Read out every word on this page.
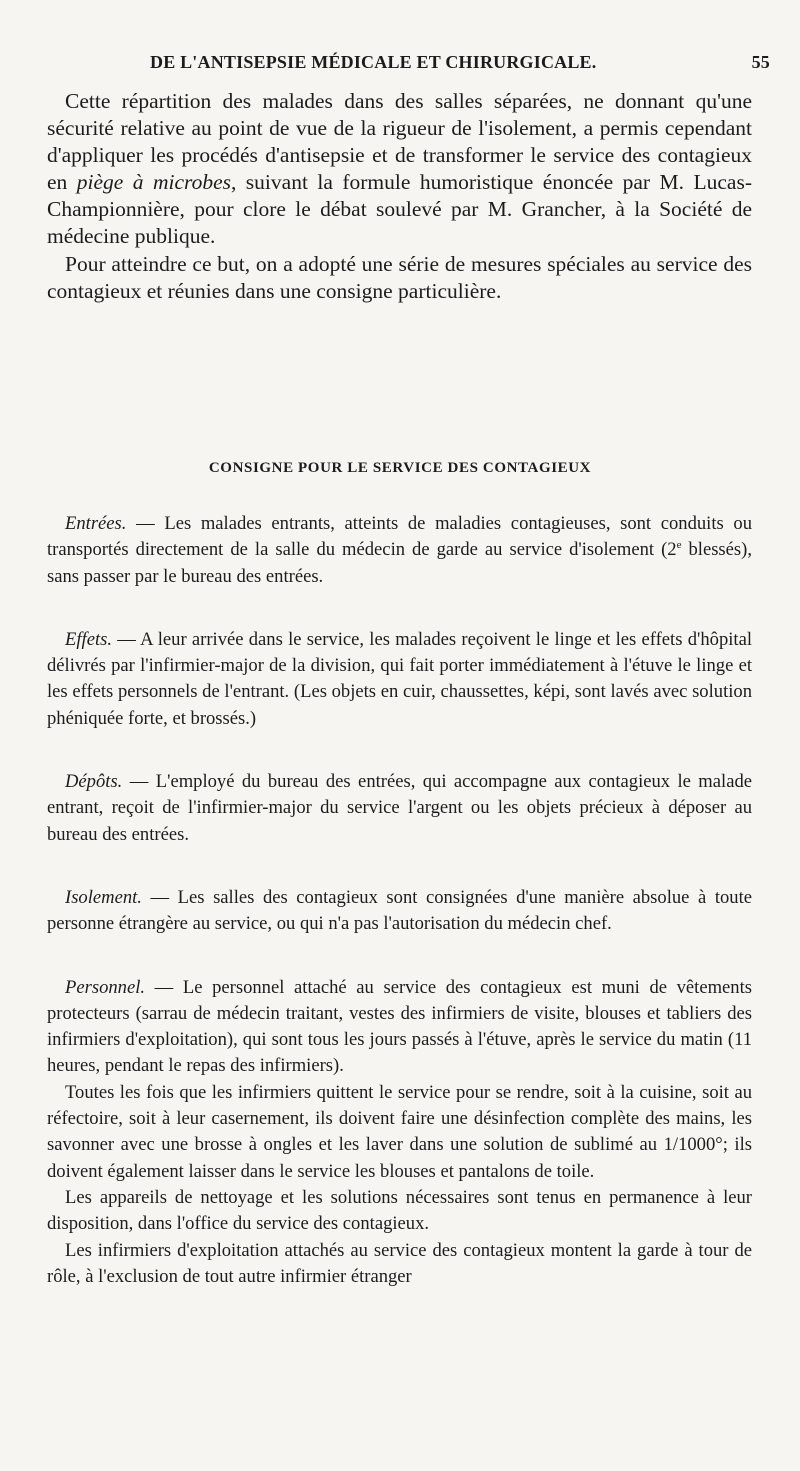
DE L'ANTISEPSIE MÉDICALE ET CHIRURGICALE.	55

Cette répartition des malades dans des salles séparées, ne donnant qu'une sécurité relative au point de vue de la rigueur de l'isolement, a permis cependant d'appliquer les procédés d'antisepsie et de transformer le service des contagieux en piège à microbes, suivant la formule humoristique énoncée par M. Lucas-Championnière, pour clore le débat soulevé par M. Grancher, à la Société de médecine publique.

Pour atteindre ce but, on a adopté une série de mesures spéciales au service des contagieux et réunies dans une consigne particulière.

CONSIGNE POUR LE SERVICE DES CONTAGIEUX

Entrées. — Les malades entrants, atteints de maladies contagieuses, sont conduits ou transportés directement de la salle du médecin de garde au service d'isolement (2e blessés), sans passer par le bureau des entrées.

Effets. — A leur arrivée dans le service, les malades reçoivent le linge et les effets d'hôpital délivrés par l'infirmier-major de la division, qui fait porter immédiatement à l'étuve le linge et les effets personnels de l'entrant. (Les objets en cuir, chaussettes, képi, sont lavés avec solution phéniquée forte, et brossés.)

Dépôts. — L'employé du bureau des entrées, qui accompagne aux contagieux le malade entrant, reçoit de l'infirmier-major du service l'argent ou les objets précieux à déposer au bureau des entrées.

Isolement. — Les salles des contagieux sont consignées d'une manière absolue à toute personne étrangère au service, ou qui n'a pas l'autorisation du médecin chef.

Personnel. — Le personnel attaché au service des contagieux est muni de vêtements protecteurs (sarrau de médecin traitant, vestes des infirmiers de visite, blouses et tabliers des infirmiers d'exploitation), qui sont tous les jours passés à l'étuve, après le service du matin (11 heures, pendant le repas des infirmiers).

Toutes les fois que les infirmiers quittent le service pour se rendre, soit à la cuisine, soit au réfectoire, soit à leur casernement, ils doivent faire une désinfection complète des mains, les savonner avec une brosse à ongles et les laver dans une solution de sublimé au 1/1000°; ils doivent également laisser dans le service les blouses et pantalons de toile.

Les appareils de nettoyage et les solutions nécessaires sont tenus en permanence à leur disposition, dans l'office du service des contagieux.

Les infirmiers d'exploitation attachés au service des contagieux montent la garde à tour de rôle, à l'exclusion de tout autre infirmier étranger
